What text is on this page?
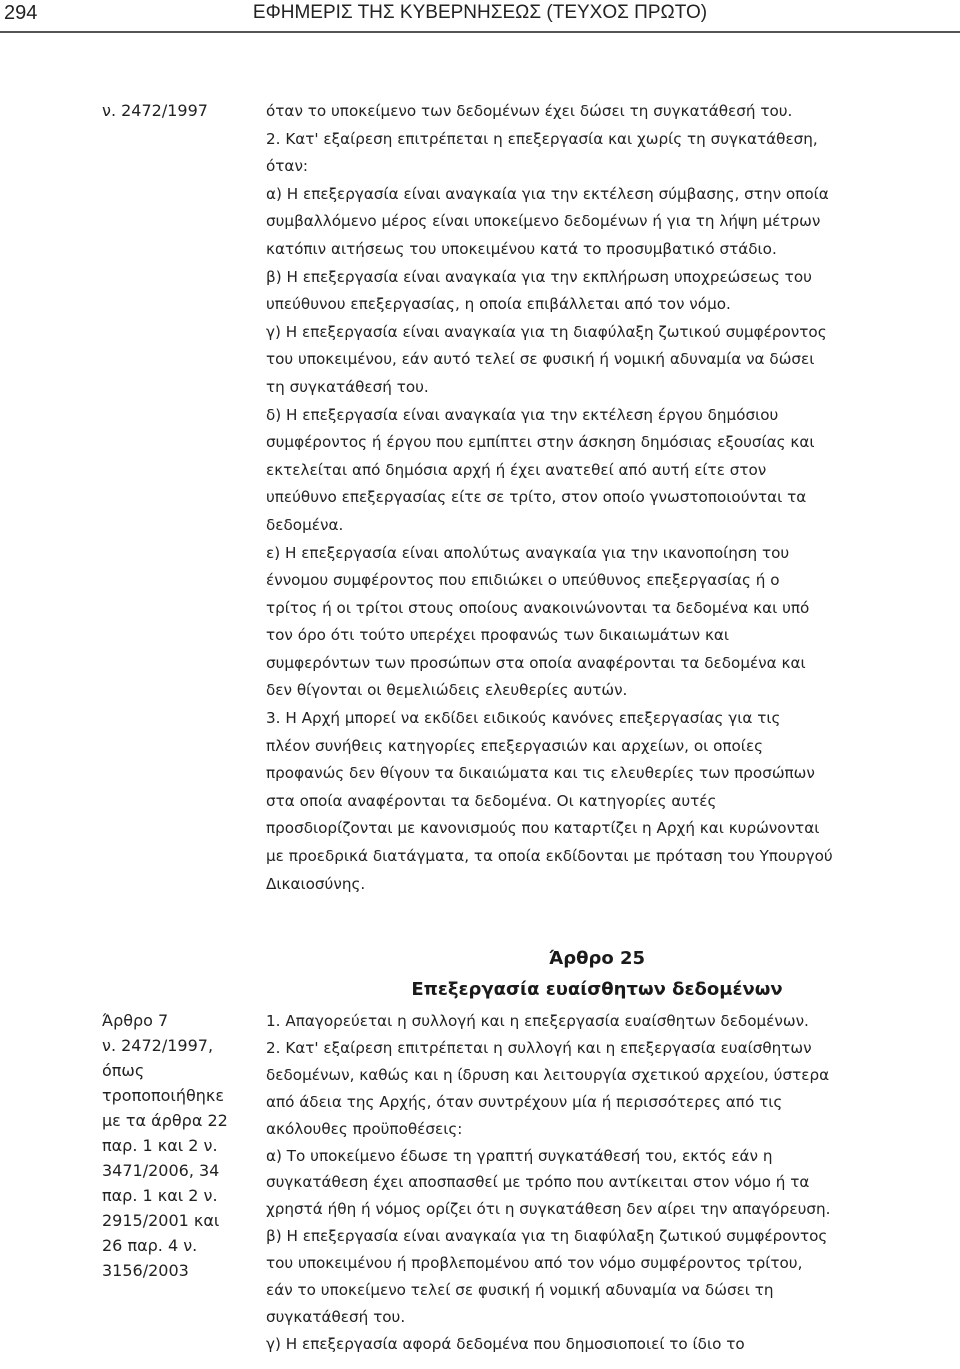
294	ΕΦΗΜΕΡΙΣ ΤΗΣ ΚΥΒΕΡΝΗΣΕΩΣ (ΤΕΥΧΟΣ ΠΡΩΤΟ)
ν. 2472/1997	όταν το υποκείμενο των δεδομένων έχει δώσει τη συγκατάθεσή του.
2. Κατ' εξαίρεση επιτρέπεται η επεξεργασία και χωρίς τη συγκατάθεση,
όταν:
α) Η επεξεργασία είναι αναγκαία για την εκτέλεση σύμβασης, στην οποία
συμβαλλόμενο μέρος είναι υποκείμενο δεδομένων ή για τη λήψη μέτρων
κατόπιν αιτήσεως του υποκειμένου κατά το προσυμβατικό στάδιο.
β) Η επεξεργασία είναι αναγκαία για την εκπλήρωση υποχρεώσεως του
υπεύθυνου επεξεργασίας, η οποία επιβάλλεται από τον νόμο.
γ) Η επεξεργασία είναι αναγκαία για τη διαφύλαξη ζωτικού συμφέροντος
του υποκειμένου, εάν αυτό τελεί σε φυσική ή νομική αδυναμία να δώσει
τη συγκατάθεσή του.
δ) Η επεξεργασία είναι αναγκαία για την εκτέλεση έργου δημόσιου
συμφέροντος ή έργου που εμπίπτει στην άσκηση δημόσιας εξουσίας και
εκτελείται από δημόσια αρχή ή έχει ανατεθεί από αυτή είτε στον
υπεύθυνο επεξεργασίας είτε σε τρίτο, στον οποίο γνωστοποιούνται τα
δεδομένα.
ε) Η επεξεργασία είναι απολύτως αναγκαία για την ικανοποίηση του
έννομου συμφέροντος που επιδιώκει ο υπεύθυνος επεξεργασίας ή ο
τρίτος ή οι τρίτοι στους οποίους ανακοινώνονται τα δεδομένα και υπό
τον όρο ότι τούτο υπερέχει προφανώς των δικαιωμάτων και
συμφερόντων των προσώπων στα οποία αναφέρονται τα δεδομένα και
δεν θίγονται οι θεμελιώδεις ελευθερίες αυτών.
3. Η Αρχή μπορεί να εκδίδει ειδικούς κανόνες επεξεργασίας για τις
πλέον συνήθεις κατηγορίες επεξεργασιών και αρχείων, οι οποίες
προφανώς δεν θίγουν τα δικαιώματα και τις ελευθερίες των προσώπων
στα οποία αναφέρονται τα δεδομένα. Οι κατηγορίες αυτές
προσδιορίζονται με κανονισμούς που καταρτίζει η Αρχή και κυρώνονται
με προεδρικά διατάγματα, τα οποία εκδίδονται με πρόταση του Υπουργού
Δικαιοσύνης.

Άρθρο 25

Επεξεργασία ευαίσθητων δεδομένων

Άρθρο 7
ν. 2472/1997,
όπως
τροποποιήθηκε
με τα άρθρα 22
παρ. 1 και 2 ν.
3471/2006, 34
παρ. 1 και 2 ν.
2915/2001 και
26 παρ. 4 ν.
3156/2003
1. Απαγορεύεται η συλλογή και η επεξεργασία ευαίσθητων δεδομένων.
2. Κατ' εξαίρεση επιτρέπεται η συλλογή και η επεξεργασία ευαίσθητων
δεδομένων, καθώς και η ίδρυση και λειτουργία σχετικού αρχείου, ύστερα
από άδεια της Αρχής, όταν συντρέχουν μία ή περισσότερες από τις
ακόλουθες προϋποθέσεις:
α) Το υποκείμενο έδωσε τη γραπτή συγκατάθεσή του, εκτός εάν η
συγκατάθεση έχει αποσπασθεί με τρόπο που αντίκειται στον νόμο ή τα
χρηστά ήθη ή νόμος ορίζει ότι η συγκατάθεση δεν αίρει την απαγόρευση.
β) Η επεξεργασία είναι αναγκαία για τη διαφύλαξη ζωτικού συμφέροντος
του υποκειμένου ή προβλεπομένου από τον νόμο συμφέροντος τρίτου,
εάν το υποκείμενο τελεί σε φυσική ή νομική αδυναμία να δώσει τη
συγκατάθεσή του.
γ) Η επεξεργασία αφορά δεδομένα που δημοσιοποιεί το ίδιο το
